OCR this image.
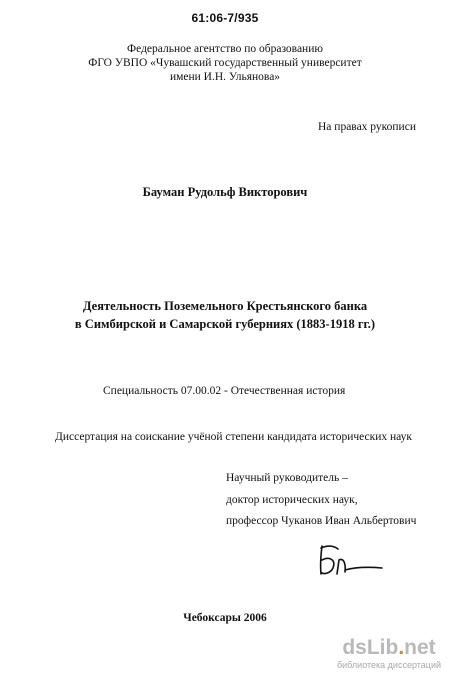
61:06-7/935
Федеральное агентство по образованию
ФГО УВПО «Чувашский государственный университет
имени И.Н. Ульянова»
На правах рукописи
Бауман Рудольф Викторович
Деятельность Поземельного Крестьянского банка
в Симбирской и Самарской губерниях (1883-1918 гг.)
Специальность 07.00.02 - Отечественная история
Диссертация на соискание учёной степени кандидата исторических наук
Научный руководитель –
доктор исторических наук,
профессор Чуканов Иван Альбертович
Чебоксары 2006
dsLib.net
библиотека диссертаций
